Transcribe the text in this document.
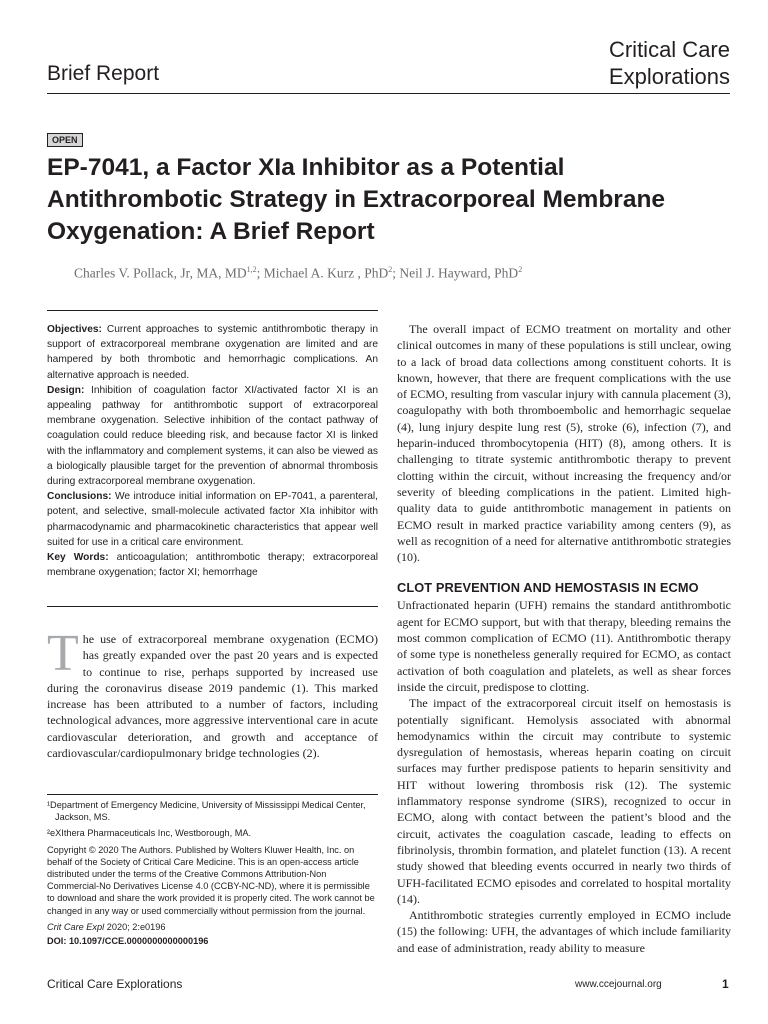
Brief Report
Critical Care
Explorations
OPEN
EP-7041, a Factor XIa Inhibitor as a Potential Antithrombotic Strategy in Extracorporeal Membrane Oxygenation: A Brief Report
Charles V. Pollack, Jr, MA, MD$^{1,2}$; Michael A. Kurz , PhD$^2$; Neil J. Hayward, PhD$^2$

Objectives: Current approaches to systemic antithrombotic therapy in support of extracorporeal membrane oxygenation are limited and are hampered by both thrombotic and hemorrhagic complications. An alternative approach is needed.

Design: Inhibition of coagulation factor XI/activated factor XI is an appealing pathway for antithrombotic support of extracorporeal membrane oxygenation. Selective inhibition of the contact pathway of coagulation could reduce bleeding risk, and because factor XI is linked with the inflammatory and complement systems, it can also be viewed as a biologically plausible target for the prevention of abnormal thrombosis during extracorporeal membrane oxygenation.

Conclusions: We introduce initial information on EP-7041, a parenteral, potent, and selective, small-molecule activated factor XIa inhibitor with pharmacodynamic and pharmacokinetic characteristics that appear well suited for use in a critical care environment.

Key Words: anticoagulation; antithrombotic therapy; extracorporeal membrane oxygenation; factor XI; hemorrhage

The use of extracorporeal membrane oxygenation (ECMO) has greatly expanded over the past 20 years and is expected to continue to rise, perhaps supported by increased use during the coronavirus disease 2019 pandemic (1). This marked increase has been attributed to a number of factors, including technological advances, more aggressive interventional care in acute cardiovascular deterioration, and growth and acceptance of cardiovascular/cardiopulmonary bridge technologies (2).

¹Department of Emergency Medicine, University of Mississippi Medical Center, Jackson, MS.

²eXIthera Pharmaceuticals Inc, Westborough, MA.

Copyright © 2020 The Authors. Published by Wolters Kluwer Health, Inc. on behalf of the Society of Critical Care Medicine. This is an open-access article distributed under the terms of the Creative Commons Attribution-Non Commercial-No Derivatives License 4.0 (CCBY-NC-ND), where it is permissible to download and share the work provided it is properly cited. The work cannot be changed in any way or used commercially without permission from the journal.

Crit Care Expl 2020; 2:e0196

DOI: 10.1097/CCE.0000000000000196

The overall impact of ECMO treatment on mortality and other clinical outcomes in many of these populations is still unclear, owing to a lack of broad data collections among constituent cohorts. It is known, however, that there are frequent complications with the use of ECMO, resulting from vascular injury with cannula placement (3), coagulopathy with both thromboembolic and hemorrhagic sequelae (4), lung injury despite lung rest (5), stroke (6), infection (7), and heparin-induced thrombocytopenia (HIT) (8), among others. It is challenging to titrate systemic antithrombotic therapy to prevent clotting within the circuit, without increasing the frequency and/or severity of bleeding complications in the patient. Limited high-quality data to guide antithrombotic management in patients on ECMO result in marked practice variability among centers (9), as well as recognition of a need for alternative antithrombotic strategies (10).

CLOT PREVENTION AND HEMOSTASIS IN ECMO

Unfractionated heparin (UFH) remains the standard antithrombotic agent for ECMO support, but with that therapy, bleeding remains the most common complication of ECMO (11). Antithrombotic therapy of some type is nonetheless generally required for ECMO, as contact activation of both coagulation and platelets, as well as shear forces inside the circuit, predispose to clotting.

The impact of the extracorporeal circuit itself on hemostasis is potentially significant. Hemolysis associated with abnormal hemodynamics within the circuit may contribute to systemic dysregulation of hemostasis, whereas heparin coating on circuit surfaces may further predispose patients to heparin sensitivity and HIT without lowering thrombosis risk (12). The systemic inflammatory response syndrome (SIRS), recognized to occur in ECMO, along with contact between the patient’s blood and the circuit, activates the coagulation cascade, leading to effects on fibrinolysis, thrombin formation, and platelet function (13). A recent study showed that bleeding events occurred in nearly two thirds of UFH-facilitated ECMO episodes and correlated to hospital mortality (14).

Antithrombotic strategies currently employed in ECMO include (15) the following: UFH, the advantages of which include familiarity and ease of administration, ready ability to measure

Critical Care Explorations	www.ccejournal.org	1
